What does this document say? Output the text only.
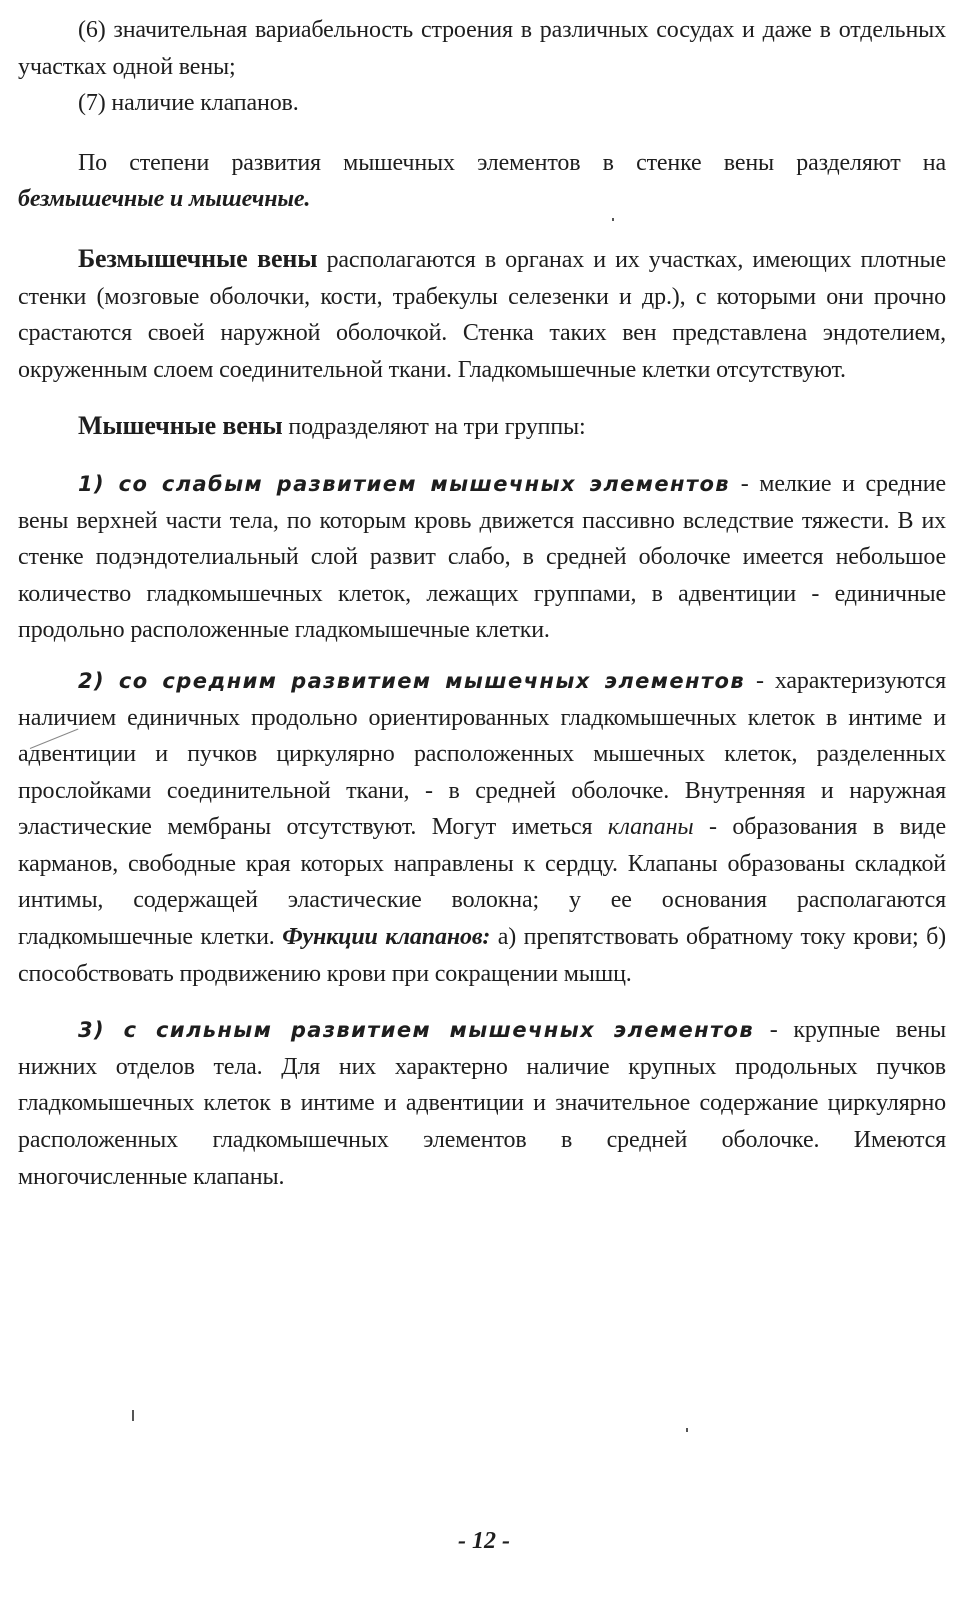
(6) значительная вариабельность строения в различных сосудах и даже в отдельных участках одной вены;

(7) наличие клапанов.

По степени развития мышечных элементов в стенке вены разделяют на безмышечные и мышечные.

Безмышечные вены располагаются в органах и их участках, имеющих плотные стенки (мозговые оболочки, кости, трабекулы селезенки и др.), с которыми они прочно срастаются своей наружной оболочкой. Стенка таких вен представлена эндотелием, окруженным слоем соединительной ткани. Гладкомышечные клетки отсутствуют.

Мышечные вены подразделяют на три группы:

1) со слабым развитием мышечных элементов - мелкие и средние вены верхней части тела, по которым кровь движется пассивно вследствие тяжести. В их стенке подэндотелиальный слой развит слабо, в средней оболочке имеется небольшое количество гладкомышечных клеток, лежащих группами, в адвентиции - единичные продольно расположенные гладкомышечные клетки.

2) со средним развитием мышечных элементов - характеризуются наличием единичных продольно ориентированных гладкомышечных клеток в интиме и адвентиции и пучков циркулярно расположенных мышечных клеток, разделенных прослойками соединительной ткани, - в средней оболочке. Внутренняя и наружная эластические мембраны отсутствуют. Могут иметься клапаны - образования в виде карманов, свободные края которых направлены к сердцу. Клапаны образованы складкой интимы, содержащей эластические волокна; у ее основания располагаются гладкомышечные клетки. Функции клапанов: а) препятствовать обратному току крови; б) способствовать продвижению крови при сокращении мышц.

3) с сильным развитием мышечных элементов - крупные вены нижних отделов тела. Для них характерно наличие крупных продольных пучков гладкомышечных клеток в интиме и адвентиции и значительное содержание циркулярно расположенных гладкомышечных элементов в средней оболочке. Имеются многочисленные клапаны.

- 12 -
